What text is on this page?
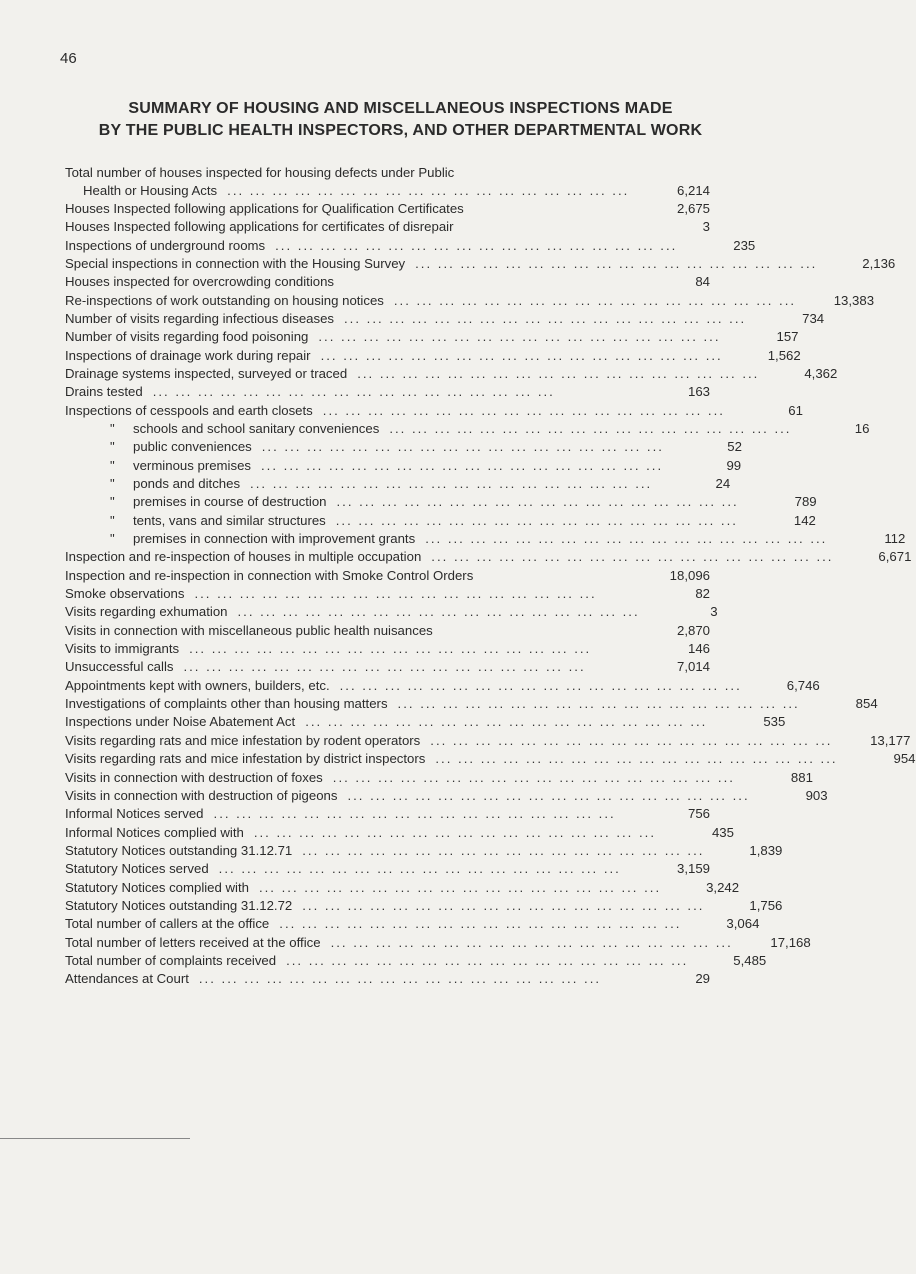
46
SUMMARY OF HOUSING AND MISCELLANEOUS INSPECTIONS MADE
BY THE PUBLIC HEALTH INSPECTORS, AND OTHER DEPARTMENTAL WORK
Total number of houses inspected for housing defects under Public
Health or Housing Acts ... ... ... ... ... ... ... ... ... ... ... ... ... ... ... ... ... ...	6,214
Houses Inspected following applications for Qualification Certificates	2,675
Houses Inspected following applications for certificates of disrepair	3
Inspections of underground rooms ... ... ... ... ... ... ... ... ... ... ... ... ... ... ... ... ... ...	235
Special inspections in connection with the Housing Survey ... ... ... ... ... ... ... ... ... ... ... ... ... ... ... ... ... ...	2,136
Houses inspected for overcrowding conditions	84
Re-inspections of work outstanding on housing notices ... ... ... ... ... ... ... ... ... ... ... ... ... ... ... ... ... ...	13,383
Number of visits regarding infectious diseases ... ... ... ... ... ... ... ... ... ... ... ... ... ... ... ... ... ...	734
Number of visits regarding food poisoning ... ... ... ... ... ... ... ... ... ... ... ... ... ... ... ... ... ...	157
Inspections of drainage work during repair ... ... ... ... ... ... ... ... ... ... ... ... ... ... ... ... ... ...	1,562
Drainage systems inspected, surveyed or traced ... ... ... ... ... ... ... ... ... ... ... ... ... ... ... ... ... ...	4,362
Drains tested ... ... ... ... ... ... ... ... ... ... ... ... ... ... ... ... ... ...	163
Inspections of cesspools and earth closets ... ... ... ... ... ... ... ... ... ... ... ... ... ... ... ... ... ...	61
" schools and school sanitary conveniences ... ... ... ... ... ... ... ... ... ... ... ... ... ... ... ... ... ...	16
" public conveniences ... ... ... ... ... ... ... ... ... ... ... ... ... ... ... ... ... ...	52
" verminous premises ... ... ... ... ... ... ... ... ... ... ... ... ... ... ... ... ... ...	99
" ponds and ditches ... ... ... ... ... ... ... ... ... ... ... ... ... ... ... ... ... ...	24
" premises in course of destruction ... ... ... ... ... ... ... ... ... ... ... ... ... ... ... ... ... ...	789
" tents, vans and similar structures ... ... ... ... ... ... ... ... ... ... ... ... ... ... ... ... ... ...	142
" premises in connection with improvement grants ... ... ... ... ... ... ... ... ... ... ... ... ... ... ... ... ... ...	112
Inspection and re-inspection of houses in multiple occupation ... ... ... ... ... ... ... ... ... ... ... ... ... ... ... ... ... ...	6,671
Inspection and re-inspection in connection with Smoke Control Orders	18,096
Smoke observations ... ... ... ... ... ... ... ... ... ... ... ... ... ... ... ... ... ...	82
Visits regarding exhumation ... ... ... ... ... ... ... ... ... ... ... ... ... ... ... ... ... ...	3
Visits in connection with miscellaneous public health nuisances	2,870
Visits to immigrants ... ... ... ... ... ... ... ... ... ... ... ... ... ... ... ... ... ...	146
Unsuccessful calls ... ... ... ... ... ... ... ... ... ... ... ... ... ... ... ... ... ...	7,014
Appointments kept with owners, builders, etc. ... ... ... ... ... ... ... ... ... ... ... ... ... ... ... ... ... ...	6,746
Investigations of complaints other than housing matters ... ... ... ... ... ... ... ... ... ... ... ... ... ... ... ... ... ...	854
Inspections under Noise Abatement Act ... ... ... ... ... ... ... ... ... ... ... ... ... ... ... ... ... ...	535
Visits regarding rats and mice infestation by rodent operators ... ... ... ... ... ... ... ... ... ... ... ... ... ... ... ... ... ...	13,177
Visits regarding rats and mice infestation by district inspectors ... ... ... ... ... ... ... ... ... ... ... ... ... ... ... ... ... ...	954
Visits in connection with destruction of foxes ... ... ... ... ... ... ... ... ... ... ... ... ... ... ... ... ... ...	881
Visits in connection with destruction of pigeons ... ... ... ... ... ... ... ... ... ... ... ... ... ... ... ... ... ...	903
Informal Notices served ... ... ... ... ... ... ... ... ... ... ... ... ... ... ... ... ... ...	756
Informal Notices complied with ... ... ... ... ... ... ... ... ... ... ... ... ... ... ... ... ... ...	435
Statutory Notices outstanding 31.12.71 ... ... ... ... ... ... ... ... ... ... ... ... ... ... ... ... ... ...	1,839
Statutory Notices served ... ... ... ... ... ... ... ... ... ... ... ... ... ... ... ... ... ...	3,159
Statutory Notices complied with ... ... ... ... ... ... ... ... ... ... ... ... ... ... ... ... ... ...	3,242
Statutory Notices outstanding 31.12.72 ... ... ... ... ... ... ... ... ... ... ... ... ... ... ... ... ... ...	1,756
Total number of callers at the office ... ... ... ... ... ... ... ... ... ... ... ... ... ... ... ... ... ...	3,064
Total number of letters received at the office ... ... ... ... ... ... ... ... ... ... ... ... ... ... ... ... ... ...	17,168
Total number of complaints received ... ... ... ... ... ... ... ... ... ... ... ... ... ... ... ... ... ...	5,485
Attendances at Court ... ... ... ... ... ... ... ... ... ... ... ... ... ... ... ... ... ...	29
